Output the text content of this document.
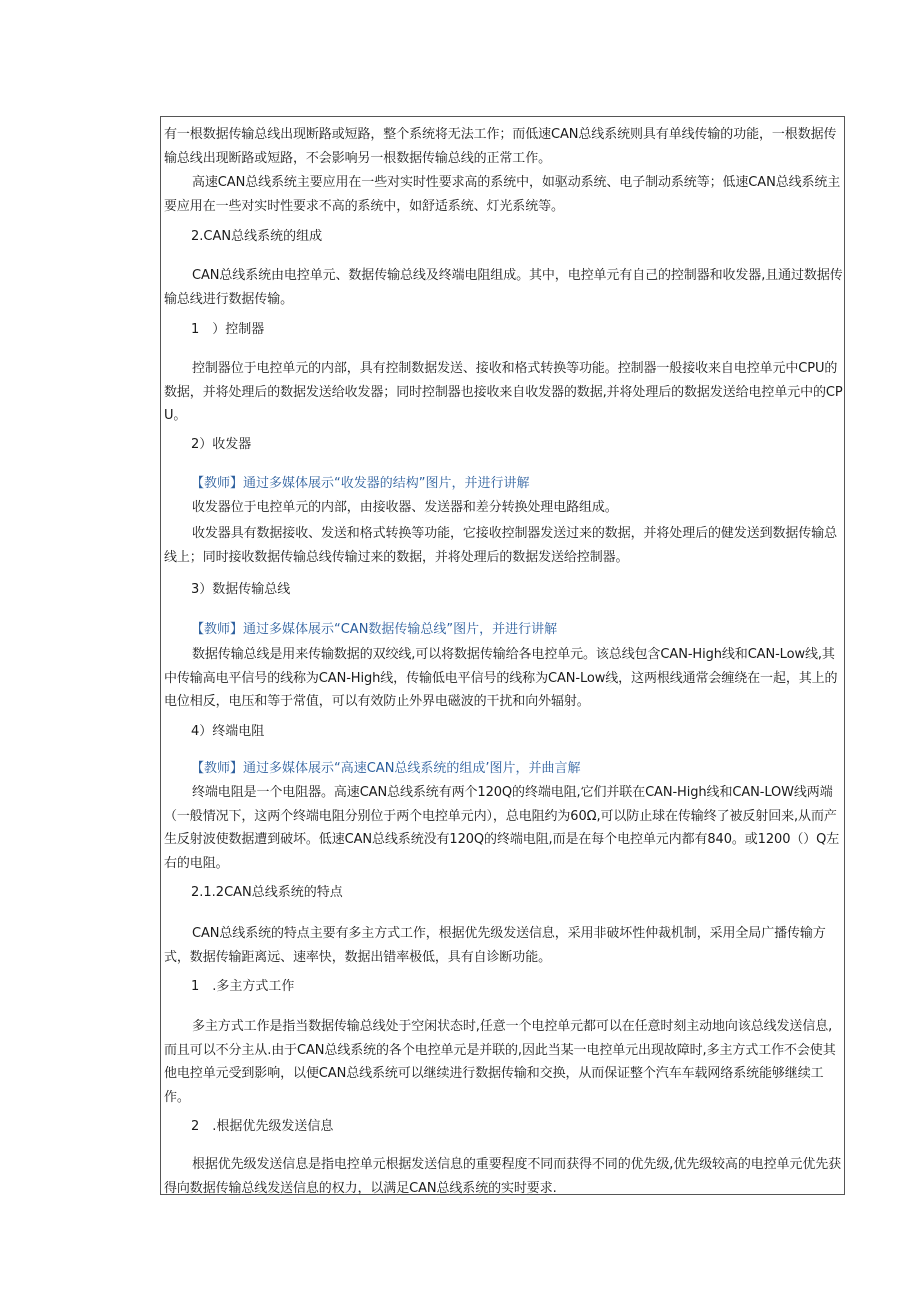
有一根数据传输总线出现断路或短路，整个系统将无法工作；而低速CAN总线系统则具有单线传输的功能，一根数据传输总线出现断路或短路，不会影响另一根数据传输总线的正常工作。

高速CAN总线系统主要应用在一些对实时性要求高的系统中，如驱动系统、电子制动系统等；低速CAN总线系统主要应用在一些对实时性要求不高的系统中，如舒适系统、灯光系统等。

2.CAN总线系统的组成

CAN总线系统由电控单元、数据传输总线及终端电阻组成。其中，电控单元有自己的控制器和收发器,且通过数据传输总线进行数据传输。

1　）控制器

控制器位于电控单元的内部，具有控制数据发送、接收和格式转换等功能。控制器一般接收来自电控单元中CPU的数据，并将处理后的数据发送给收发器；同时控制器也接收来自收发器的数据,并将处理后的数据发送给电控单元中的CPU。

2）收发器

【教师】通过多媒体展示“收发器的结构”图片，并进行讲解

收发器位于电控单元的内部，由接收器、发送器和差分转换处理电路组成。

收发器具有数据接收、发送和格式转换等功能，它接收控制器发送过来的数据，并将处理后的健发送到数据传输总线上；同时接收数据传输总线传输过来的数据，并将处理后的数据发送给控制器。

3）数据传输总线

【教师】通过多媒体展示“CAN数据传输总线”图片，并进行讲解

数据传输总线是用来传输数据的双绞线,可以将数据传输给各电控单元。该总线包含CAN-High线和CAN-Low线,其中传输高电平信号的线称为CAN-High线，传输低电平信号的线称为CAN-Low线，这两根线通常会缠绕在一起，其上的电位相反，电压和等于常值，可以有效防止外界电磁波的干扰和向外辐射。

4）终端电阻

【教师】通过多媒体展示“高速CAN总线系统的组成’图片，并曲言解

终端电阻是一个电阻器。高速CAN总线系统有两个120Q的终端电阻,它们并联在CAN-High线和CAN-LOW线两端（一般情况下，这两个终端电阻分别位于两个电控单元内），总电阻约为60Ω,可以防止球在传输终了被反射回来,从而产生反射波使数据遭到破坏。低速CAN总线系统没有120Q的终端电阻,而是在每个电控单元内都有840。或1200（）Q左右的电阻。

2.1.2CAN总线系统的特点

CAN总线系统的特点主要有多主方式工作，根据优先级发送信息，采用非破坏性仲裁机制，采用全局广播传输方式，数据传输距离远、速率快，数据出错率极低，具有自诊断功能。

1　.多主方式工作

多主方式工作是指当数据传输总线处于空闲状态时,任意一个电控单元都可以在任意时刻主动地向该总线发送信息,而且可以不分主从.由于CAN总线系统的各个电控单元是并联的,因此当某一电控单元出现故障时,多主方式工作不会使其他电控单元受到影响，以便CAN总线系统可以继续进行数据传输和交换，从而保证整个汽车车载网络系统能够继续工作。

2　.根据优先级发送信息

根据优先级发送信息是指电控单元根据发送信息的重要程度不同而获得不同的优先级,优先级较高的电控单元优先获得向数据传输总线发送信息的权力，以满足CAN总线系统的实时要求.
